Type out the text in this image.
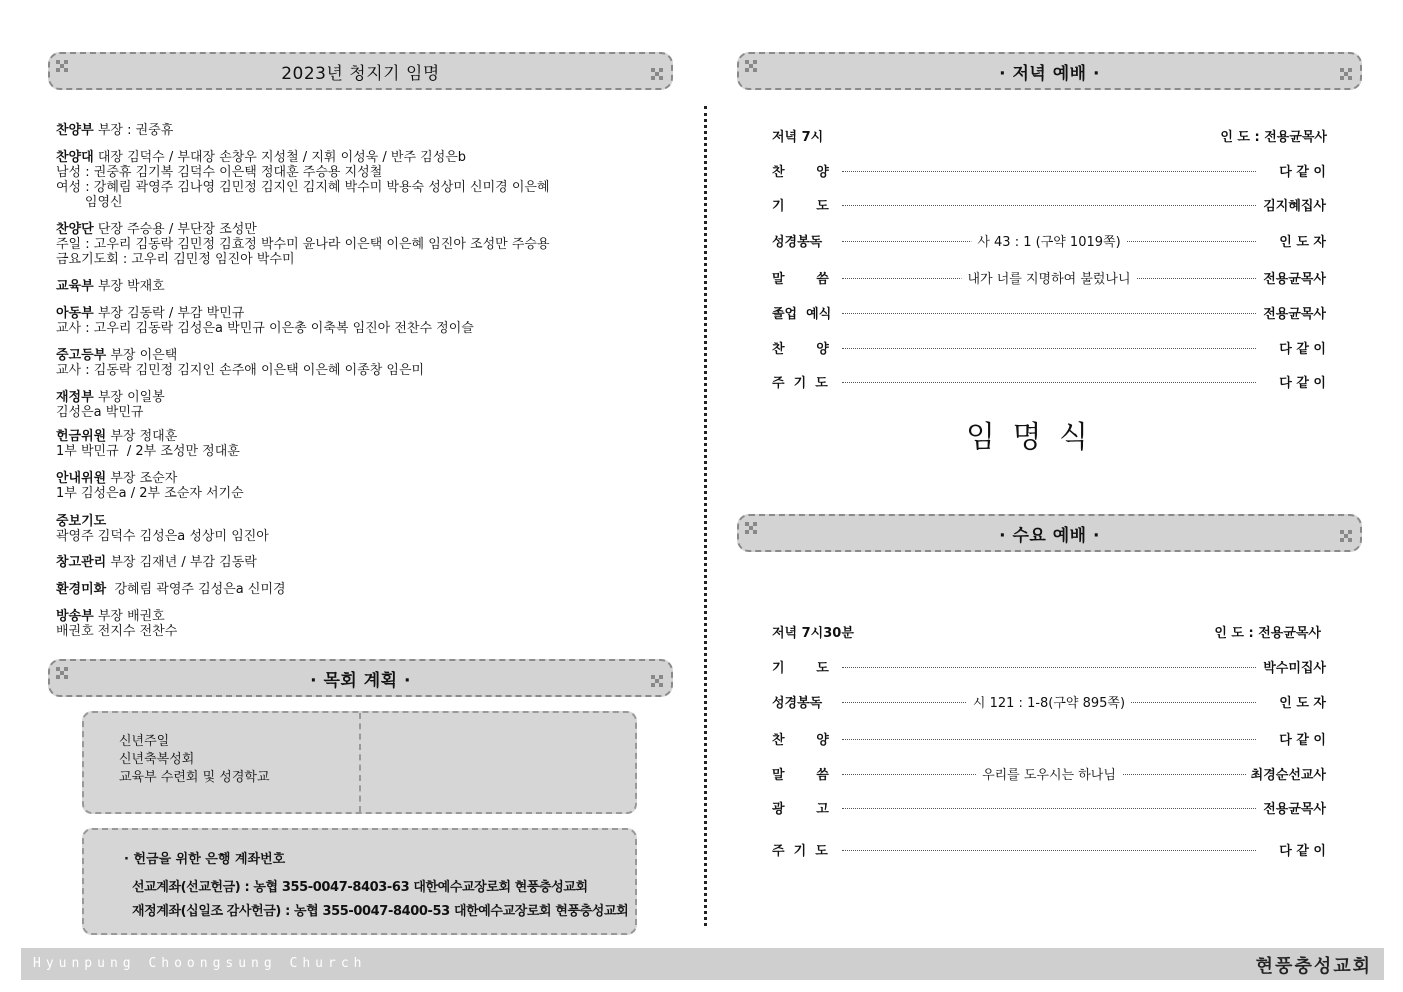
2023년 청지기 임명
찬양부 부장 : 권중휴
찬양대 대장 김덕수 / 부대장 손창우 지성철 / 지휘 이성욱 / 반주 김성은b
남성 : 권중휴 김기복 김덕수 이은택 정대훈 주승용 지성철
여성 : 강혜림 곽영주 김나영 김민정 김지인 김지혜 박수미 박용숙 성상미 신미경 이은혜
임영신
찬양단 단장 주승용 / 부단장 조성만
주일 : 고우리 김동락 김민정 김효정 박수미 윤나라 이은택 이은혜 임진아 조성만 주승용
금요기도회 : 고우리 김민정 임진아 박수미
교육부 부장 박재호
아동부 부장 김동락 / 부감 박민규
교사 : 고우리 김동락 김성은a 박민규 이은총 이축복 임진아 전찬수 정이슬
중고등부 부장 이은택
교사 : 김동락 김민정 김지인 손주애 이은택 이은혜 이종창 임은미
재정부 부장 이일봉
김성은a 박민규
헌금위원 부장 정대훈
1부 박민규  / 2부 조성만 정대훈
안내위원 부장 조순자
1부 김성은a / 2부 조순자 서기순
중보기도
곽영주 김덕수 김성은a 성상미 임진아
창고관리 부장 김재년 / 부감 김동락
환경미화  강혜림 곽영주 김성은a 신미경
방송부 부장 배권호
배권호 전지수 전찬수
· 목회 계획 ·
신년주일
신년축복성회
교육부 수련회 및 성경학교
· 헌금을 위한 은행 계좌번호
선교계좌(선교헌금) : 농협 355-0047-8403-63 대한예수교장로회 현풍충성교회
재정계좌(십일조 감사헌금) : 농협 355-0047-8400-53 대한예수교장로회 현풍충성교회
· 저녁 예배 ·
저녁 7시	인 도 : 전용균목사
찬       양	다 같 이
기       도	김지혜집사
성경봉독	사 43 : 1 (구약 1019쪽)	인 도 자
말       씀	내가 너를 지명하여 불렀나니	전용균목사
졸업  예식	전용균목사
찬       양	다 같 이
주  기  도	다 같 이
임 명 식
· 수요 예배 ·
저녁 7시30분	인 도 : 전용균목사
기       도	박수미집사
성경봉독	시 121 : 1-8(구약 895쪽)	인 도 자
찬       양	다 같 이
말       씀	우리를 도우시는 하나님	최경순선교사
광       고	전용균목사
주  기  도	다 같 이
Hyunpung Choongsung Church	현풍충성교회
